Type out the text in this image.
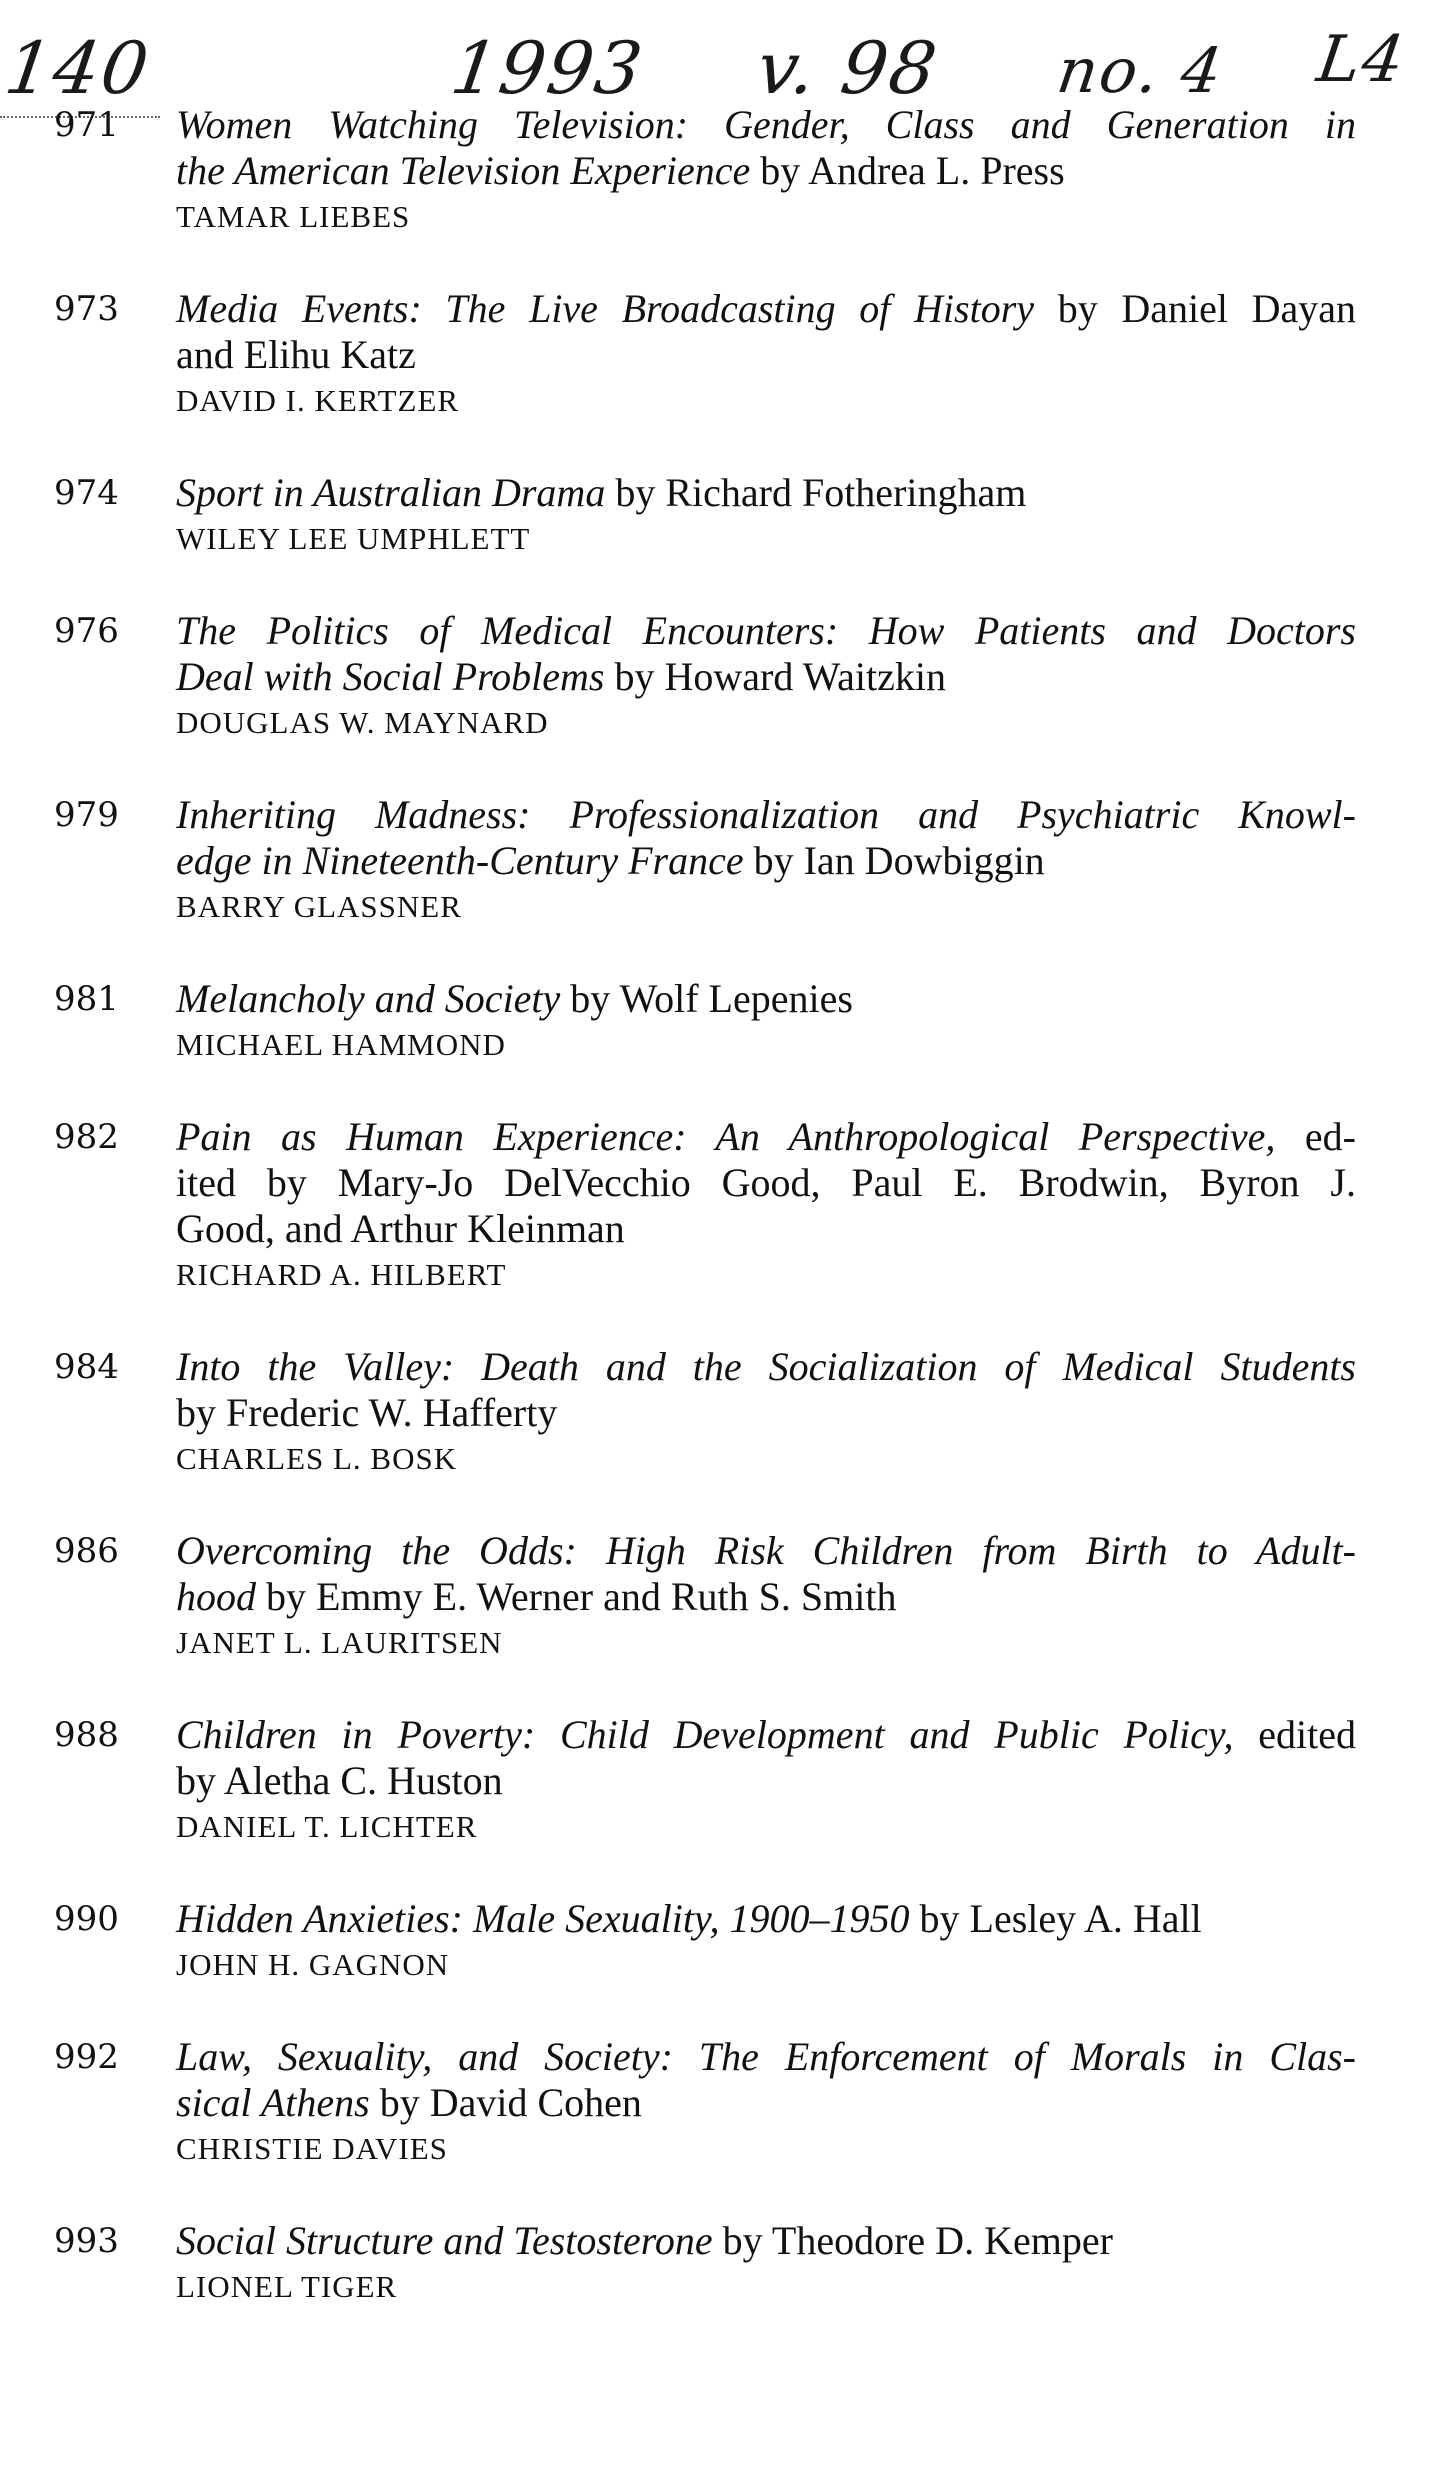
140	1993 v. 98 no. 4 L4
971 Women Watching Television: Gender, Class and Generation in
the American Television Experience by Andrea L. Press
TAMAR LIEBES
973 Media Events: The Live Broadcasting of History by Daniel Dayan
and Elihu Katz
DAVID I. KERTZER
974 Sport in Australian Drama by Richard Fotheringham
WILEY LEE UMPHLETT
976 The Politics of Medical Encounters: How Patients and Doctors
Deal with Social Problems by Howard Waitzkin
DOUGLAS W. MAYNARD
979 Inheriting Madness: Professionalization and Psychiatric Knowl-
edge in Nineteenth-Century France by Ian Dowbiggin
BARRY GLASSNER
981 Melancholy and Society by Wolf Lepenies
MICHAEL HAMMOND
982 Pain as Human Experience: An Anthropological Perspective, ed-
ited by Mary-Jo DelVecchio Good, Paul E. Brodwin, Byron J.
Good, and Arthur Kleinman
RICHARD A. HILBERT
984 Into the Valley: Death and the Socialization of Medical Students
by Frederic W. Hafferty
CHARLES L. BOSK
986 Overcoming the Odds: High Risk Children from Birth to Adult-
hood by Emmy E. Werner and Ruth S. Smith
JANET L. LAURITSEN
988 Children in Poverty: Child Development and Public Policy, edited
by Aletha C. Huston
DANIEL T. LICHTER
990 Hidden Anxieties: Male Sexuality, 1900–1950 by Lesley A. Hall
JOHN H. GAGNON
992 Law, Sexuality, and Society: The Enforcement of Morals in Clas-
sical Athens by David Cohen
CHRISTIE DAVIES
993 Social Structure and Testosterone by Theodore D. Kemper
LIONEL TIGER
